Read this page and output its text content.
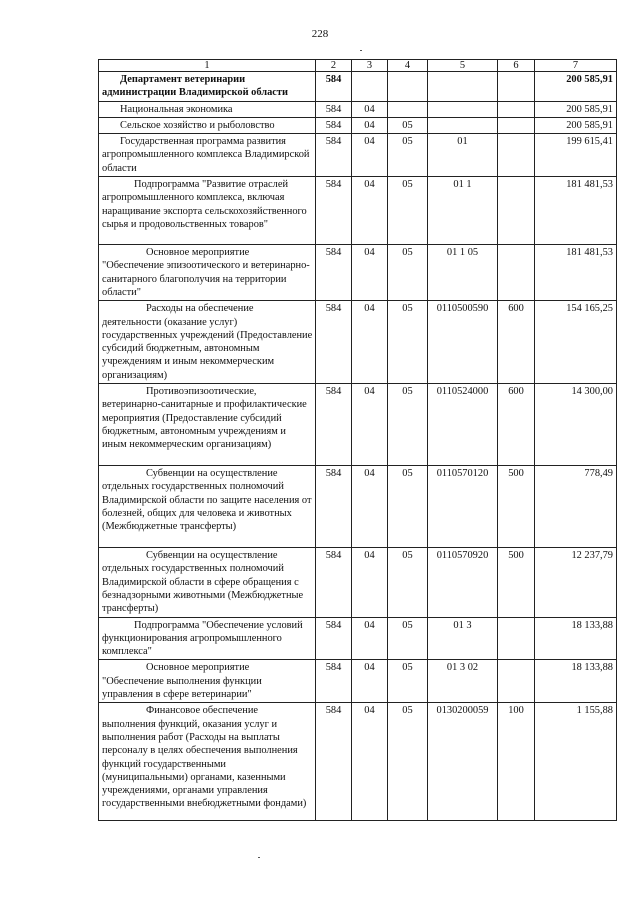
228
1	2	3	4	5	6	7
Департамент ветеринарии администрации Владимирской области	584					200 585,91
Национальная экономика	584	04				200 585,91
Сельское хозяйство и рыболовство	584	04	05			200 585,91
Государственная программа развития агропромышленного комплекса Владимирской области	584	04	05	01		199 615,41
Подпрограмма "Развитие отраслей агропромышленного комплекса, включая наращивание экспорта сельскохозяйственного сырья и продовольственных товаров"	584	04	05	01 1		181 481,53
Основное мероприятие "Обеспечение эпизоотического и ветеринарно-санитарного благополучия на территории области"	584	04	05	01 1 05		181 481,53
Расходы на обеспечение деятельности (оказание услуг) государственных учреждений (Предоставление субсидий бюджетным, автономным учреждениям и иным некоммерческим организациям)	584	04	05	0110500590	600	154 165,25
Противоэпизоотические, ветеринарно-санитарные и профилактические мероприятия (Предоставление субсидий бюджетным, автономным учреждениям и иным некоммерческим организациям)	584	04	05	0110524000	600	14 300,00
Субвенции на осуществление отдельных государственных полномочий Владимирской области по защите населения от болезней, общих для человека и животных (Межбюджетные трансферты)	584	04	05	0110570120	500	778,49
Субвенции на осуществление отдельных государственных полномочий Владимирской области в сфере обращения с безнадзорными животными (Межбюджетные трансферты)	584	04	05	0110570920	500	12 237,79
Подпрограмма "Обеспечение условий функционирования агропромышленного комплекса"	584	04	05	01 3		18 133,88
Основное мероприятие "Обеспечение выполнения функции управления в сфере ветеринарии"	584	04	05	01 3 02		18 133,88
Финансовое обеспечение выполнения функций, оказания услуг и выполнения работ (Расходы на выплаты персоналу в целях обеспечения выполнения функций государственными (муниципальными) органами, казенными учреждениями, органами управления государственными внебюджетными фондами)	584	04	05	0130200059	100	1 155,88
